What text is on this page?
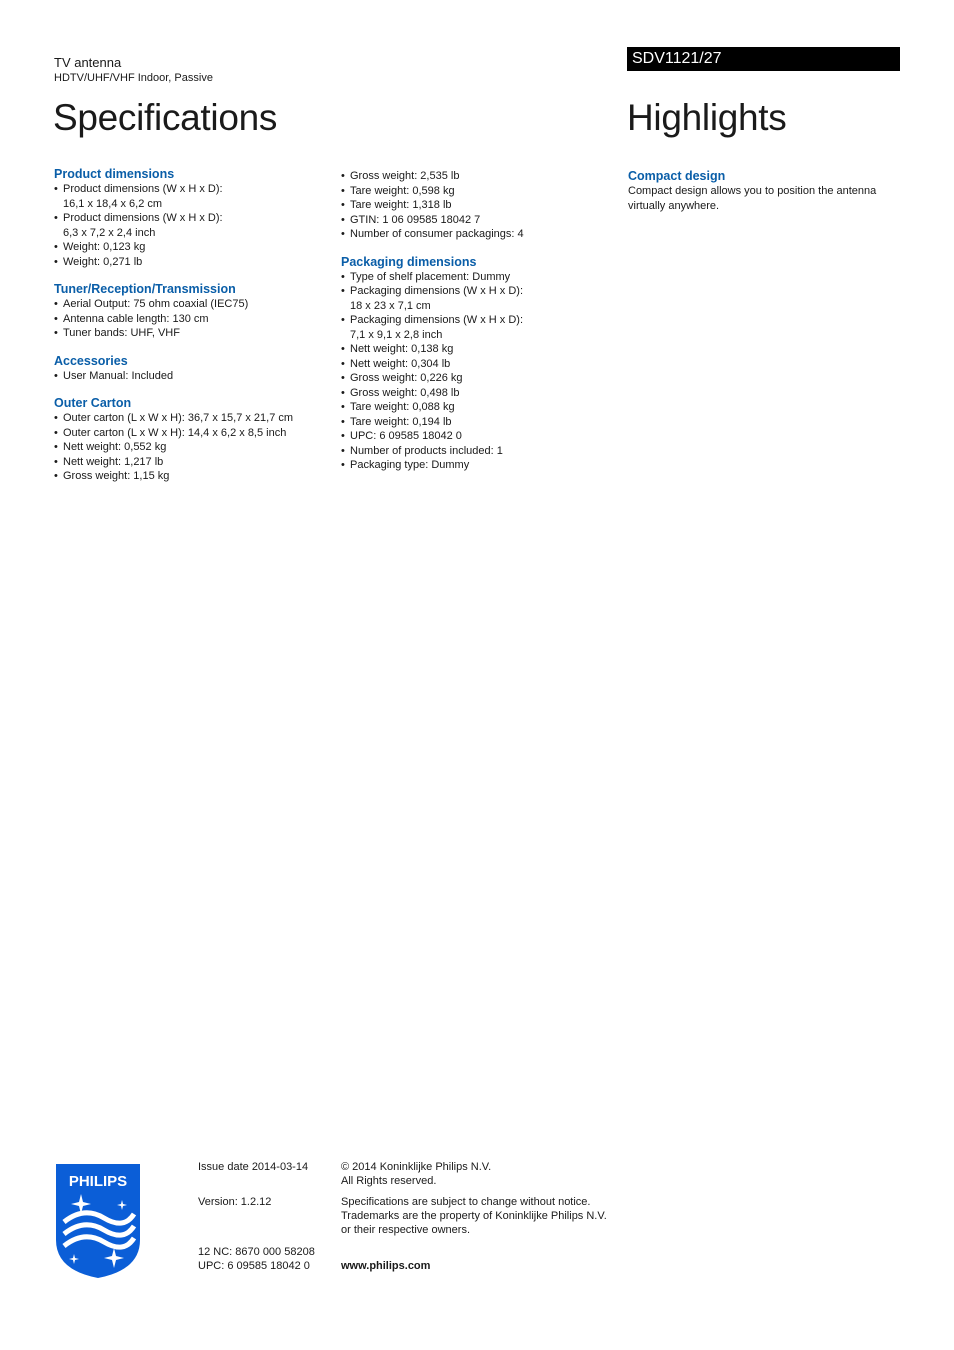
TV antenna
HDTV/UHF/VHF Indoor, Passive
Specifications
SDV1121/27
Highlights
Product dimensions
• Product dimensions (W x H x D):
16,1 x 18,4 x 6,2 cm
• Product dimensions (W x H x D):
6,3 x 7,2 x 2,4 inch
• Weight: 0,123 kg
• Weight: 0,271 lb
Tuner/Reception/Transmission
• Aerial Output: 75 ohm coaxial (IEC75)
• Antenna cable length: 130 cm
• Tuner bands: UHF, VHF
Accessories
• User Manual: Included
Outer Carton
• Outer carton (L x W x H): 36,7 x 15,7 x 21,7 cm
• Outer carton (L x W x H): 14,4 x 6,2 x 8,5 inch
• Nett weight: 0,552 kg
• Nett weight: 1,217 lb
• Gross weight: 1,15 kg
• Gross weight: 2,535 lb
• Tare weight: 0,598 kg
• Tare weight: 1,318 lb
• GTIN: 1 06 09585 18042 7
• Number of consumer packagings: 4
Packaging dimensions
• Type of shelf placement: Dummy
• Packaging dimensions (W x H x D):
18 x 23 x 7,1 cm
• Packaging dimensions (W x H x D):
7,1 x 9,1 x 2,8 inch
• Nett weight: 0,138 kg
• Nett weight: 0,304 lb
• Gross weight: 0,226 kg
• Gross weight: 0,498 lb
• Tare weight: 0,088 kg
• Tare weight: 0,194 lb
• UPC: 6 09585 18042 0
• Number of products included: 1
• Packaging type: Dummy
Compact design

Compact design allows you to position the antenna virtually anywhere.

PHILIPS

Issue date 2014-03-14

Version: 1.2.12

12 NC: 8670 000 58208

UPC: 6 09585 18042 0

© 2014 Koninklijke Philips N.V.

All Rights reserved.

Specifications are subject to change without notice.

Trademarks are the property of Koninklijke Philips N.V.

or their respective owners.

www.philips.com
